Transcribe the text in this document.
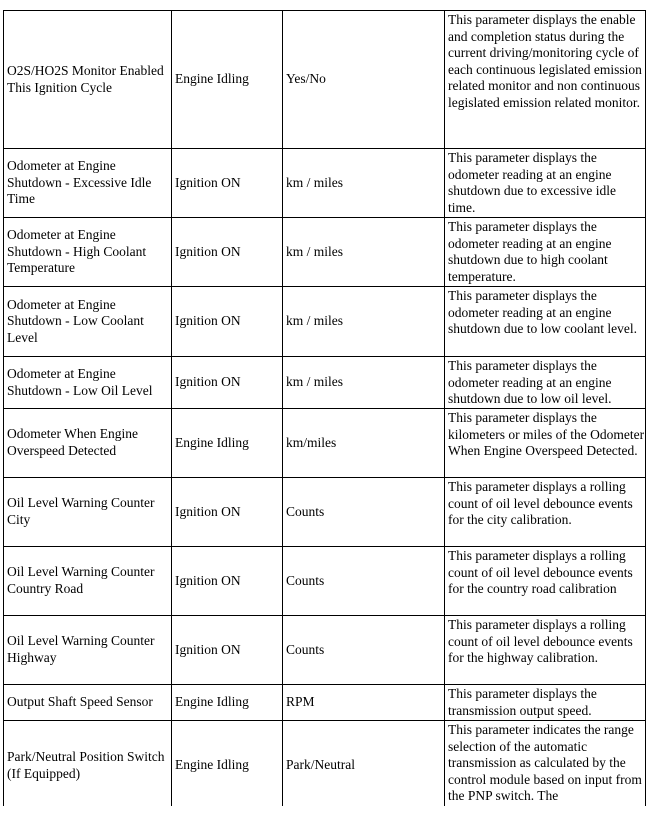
O2S/HO2S Monitor Enabled This Ignition Cycle	Engine Idling	Yes/No	This parameter displays the enable and completion status during the current driving/monitoring cycle of each continuous legislated emission related monitor and non continuous legislated emission related monitor.
Odometer at Engine Shutdown - Excessive Idle Time	Ignition ON	km / miles	This parameter displays the odometer reading at an engine shutdown due to excessive idle time.
Odometer at Engine Shutdown - High Coolant Temperature	Ignition ON	km / miles	This parameter displays the odometer reading at an engine shutdown due to high coolant temperature.
Odometer at Engine Shutdown - Low Coolant Level	Ignition ON	km / miles	This parameter displays the odometer reading at an engine shutdown due to low coolant level.
Odometer at Engine Shutdown - Low Oil Level	Ignition ON	km / miles	This parameter displays the odometer reading at an engine shutdown due to low oil level.
Odometer When Engine Overspeed Detected	Engine Idling	km/miles	This parameter displays the kilometers or miles of the Odometer When Engine Overspeed Detected.
Oil Level Warning Counter City	Ignition ON	Counts	This parameter displays a rolling count of oil level debounce events for the city calibration.
Oil Level Warning Counter Country Road	Ignition ON	Counts	This parameter displays a rolling count of oil level debounce events for the country road calibration
Oil Level Warning Counter Highway	Ignition ON	Counts	This parameter displays a rolling count of oil level debounce events for the highway calibration.
Output Shaft Speed Sensor	Engine Idling	RPM	This parameter displays the transmission output speed.
Park/Neutral Position Switch (If Equipped)	Engine Idling	Park/Neutral	This parameter indicates the range selection of the automatic transmission as calculated by the control module based on input from the PNP switch. The
